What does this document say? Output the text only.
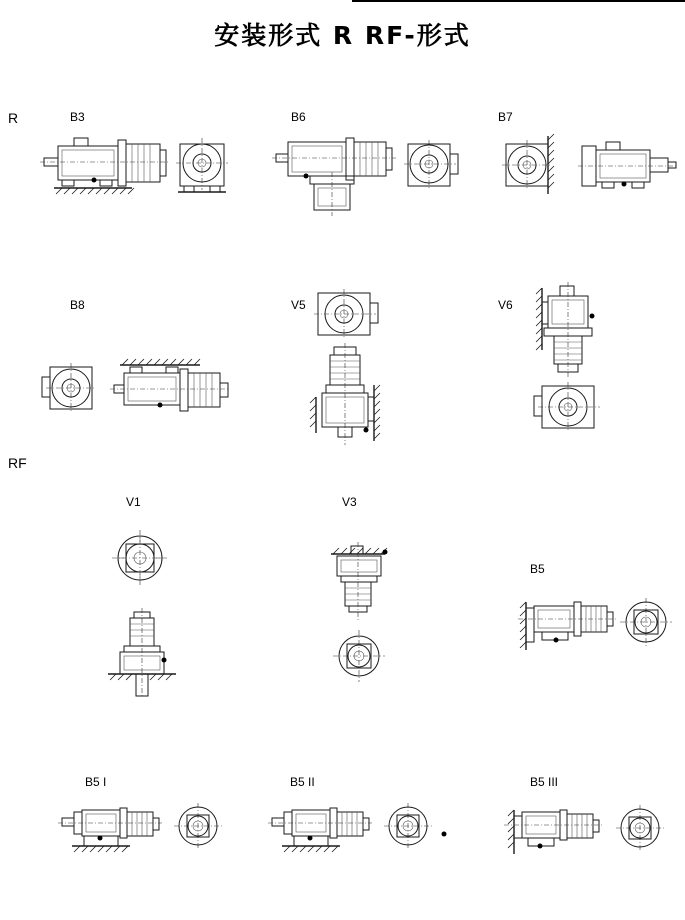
安装形式 R RF-形式
R
RF
B3	B6	B7
B8	V5	V6
V1	V3
B5
B5 I	B5 II	B5 III
